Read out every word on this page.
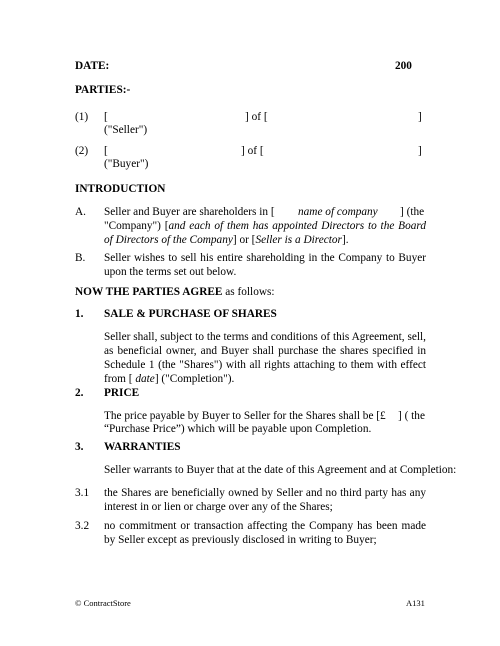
DATE:	200
PARTIES:-
(1) [	] of [	]
("Seller")
(2) [	] of [	]
("Buyer")
INTRODUCTION
A. Seller and Buyer are shareholders in [ name of company ] (the
"Company") [and each of them has appointed Directors to the Board of Directors of the Company] or [Seller is a Director].
B. Seller wishes to sell his entire shareholding in the Company to Buyer upon the terms set out below.
NOW THE PARTIES AGREE as follows:
1. SALE & PURCHASE OF SHARES
Seller shall, subject to the terms and conditions of this Agreement, sell, as beneficial owner, and Buyer shall purchase the shares specified in Schedule 1 (the "Shares") with all rights attaching to them with effect from [ date] ("Completion").
2. PRICE
The price payable by Buyer to Seller for the Shares shall be [£ ] ( the
“Purchase Price”) which will be payable upon Completion.
3. WARRANTIES
Seller warrants to Buyer that at the date of this Agreement and at Completion:
3.1 the Shares are beneficially owned by Seller and no third party has any interest in or lien or charge over any of the Shares;
3.2 no commitment or transaction affecting the Company has been made by Seller except as previously disclosed in writing to Buyer;
© ContractStore	A131
